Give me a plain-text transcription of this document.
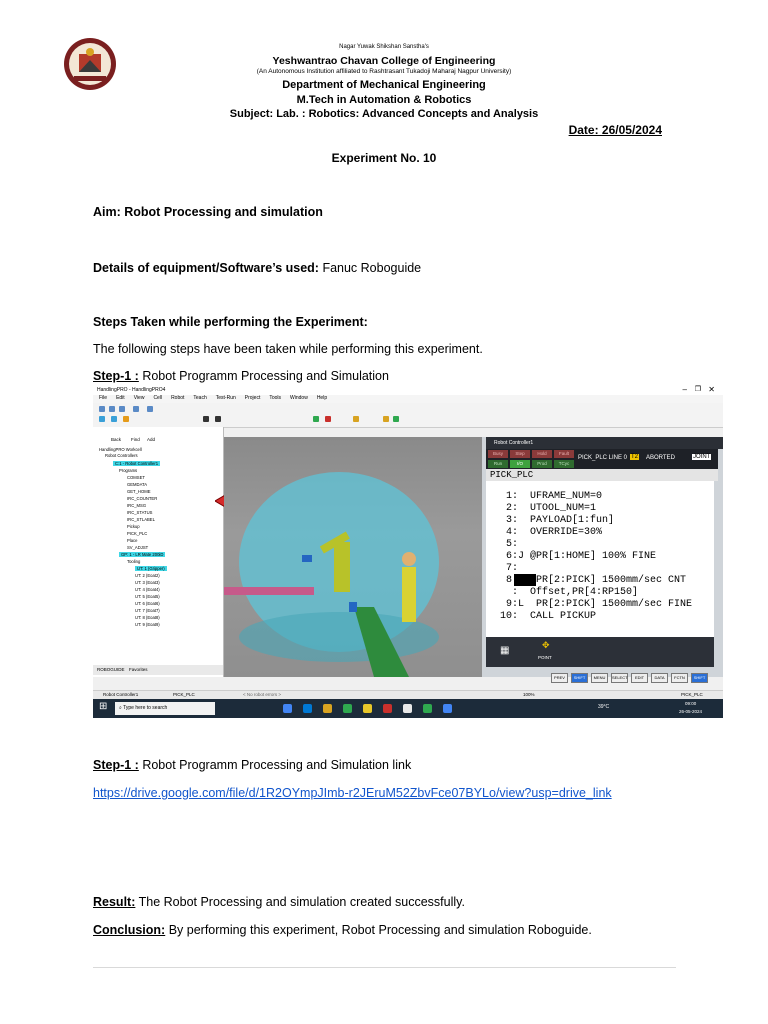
Nagar Yuwak Shikshan Sanstha's
Yeshwantrao Chavan College of Engineering
(An Autonomous Institution affiliated to Rashtrasant Tukadoji Maharaj Nagpur University)
Department of Mechanical Engineering
M.Tech in Automation & Robotics
Subject: Lab. : Robotics: Advanced Concepts and Analysis
Date: 26/05/2024
Experiment No. 10
Aim: Robot Processing and simulation
Details of equipment/Software’s used: Fanuc Roboguide
Steps Taken while performing the Experiment:
The following steps have been taken while performing this experiment.
Step-1 : Robot Programm Processing and Simulation
HandlingPRO - HandlingPRO4	– ❐ ✕
File Edit View Cell Robot Teach Test-Run Project Tools Window Help
Back Find Add
HandlingPRO Workcell
Robot Controllers
C:1 - Robot Controller1
Programs
COMSET
GEMDATA
GET_HOME
IRC_COUNTER
IRC_MSG
IRC_STATUS
IRC_STLABEL
Pickup
PICK_PLC
Place
SV_ADJST
GP: 1 - LR Mate 200iD
Tooling
UT: 1 (Gripper)
UT: 2 (Eoat2)
UT: 3 (Eoat3)
UT: 4 (Eoat4)
UT: 5 (Eoat5)
UT: 6 (Eoat6)
UT: 7 (Eoat7)
UT: 8 (Eoat8)
UT: 9 (Eoat9)
ROBOGUIDE Favorites
Robot Controller1
Busy	Step	Hold	Fault
Run	I/O	Prod	TCyc
PICK_PLC LINE 0 T2 ABORTED	JOINT
PICK_PLC
1:  UFRAME_NUM=0
2:  UTOOL_NUM=1
3:  PAYLOAD[1:fun]
4:  OVERRIDE=30%
5:
6:J @PR[1:HOME] 100% FINE
7:
8:L  PR[2:PICK] 1500mm/sec CNT
:  Offset,PR[4:RP150]
9:L  PR[2:PICK] 1500mm/sec FINE
10:  CALL PICKUP
▦	✥
POINT
PREV	SHIFT	MENU	SELECT	EDIT	DATA	FCTN	SHIFT
Robot Controller1	PICK_PLC	< No robot errors >	100%	PICK_PLC
⊞	⌕ Type here to search	39°C
09:00
26-05-2024
Step-1 : Robot Programm Processing and Simulation link
https://drive.google.com/file/d/1R2OYmpJImb-r2JEruM52ZbvFce07BYLo/view?usp=drive_link
Result: The Robot Processing and simulation created successfully.
Conclusion: By performing this experiment, Robot Processing and simulation Roboguide.
